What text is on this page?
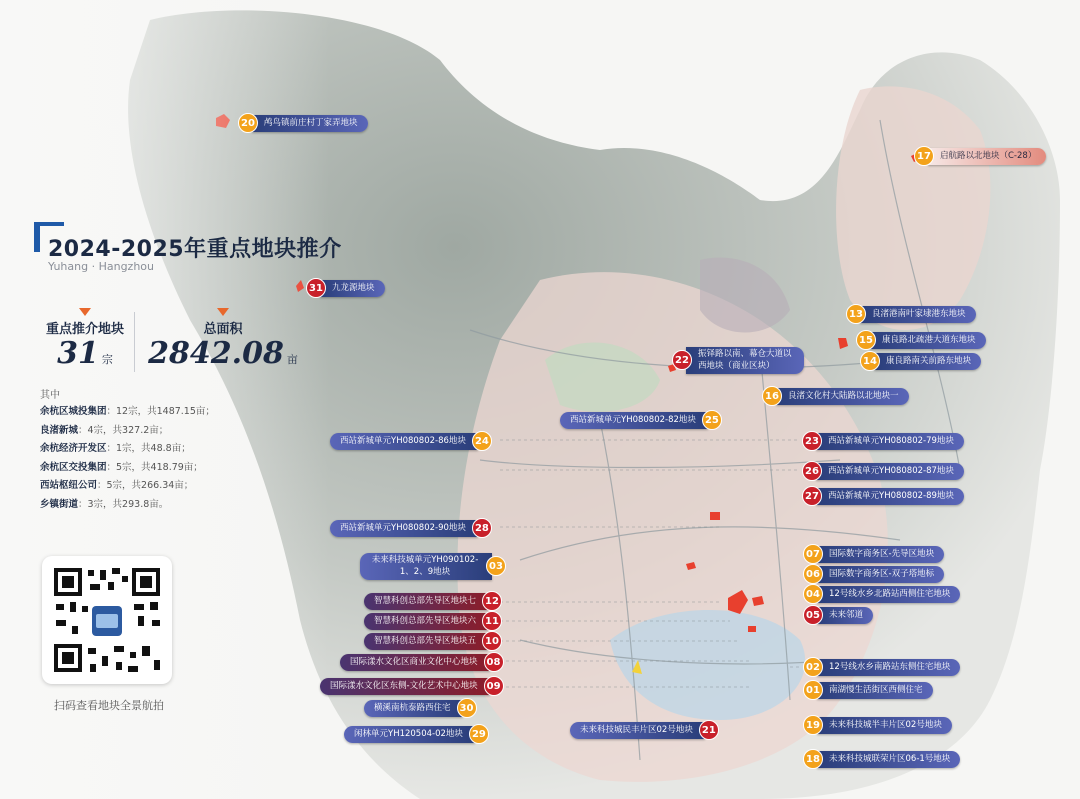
2024-2025年重点地块推介
Yuhang · Hangzhou
重点推介地块
31 宗
总面积
2842.08 亩
其中
余杭区城投集团：12宗，共1487.15亩；
良渚新城：4宗，共327.2亩；
余杭经济开发区：1宗，共48.8亩；
余杭区交投集团：5宗，共418.79亩；
西站枢纽公司：5宗，共266.34亩；
乡镇街道：3宗，共293.8亩。
扫码查看地块全景航拍
20	鸬鸟镇前庄村丁家弄地块
17	启航路以北地块（C-28）
31	九龙源地块
13	良渚港南叶家埭港东地块
15	康良路北疏港大道东地块
14	康良路南关前路东地块
22
振铎路以南、幕仓大道以西地块（商业区块）
16	良渚文化村大陆路以北地块一
西站新城单元YH080802-82地块 25
西站新城单元YH080802-86地块 24	23	西站新城单元YH080802-79地块
26	西站新城单元YH080802-87地块
27	西站新城单元YH080802-89地块
西站新城单元YH080802-90地块 28
未来科技城单元YH090102-1、2、9地块	03
07	国际数字商务区-先导区地块
06	国际数字商务区-双子塔地标
智慧科创总部先导区地块七 12
04	12号线水乡北路站西侧住宅地块
智慧科创总部先导区地块六 11
05	未来邻道
智慧科创总部先导区地块五 10
国际漾水文化区商业文化中心地块 08	02	12号线水乡南路站东侧住宅地块
国际漾水文化区东侧-文化艺术中心地块 09	01	南湖慢生活街区西侧住宅
横溪南杭泰路西住宅 30
19	未来科技城半丰片区02号地块
未来科技城民丰片区02号地块 21
闲林单元YH120504-02地块 29
18	未来科技城联荣片区06-1号地块
